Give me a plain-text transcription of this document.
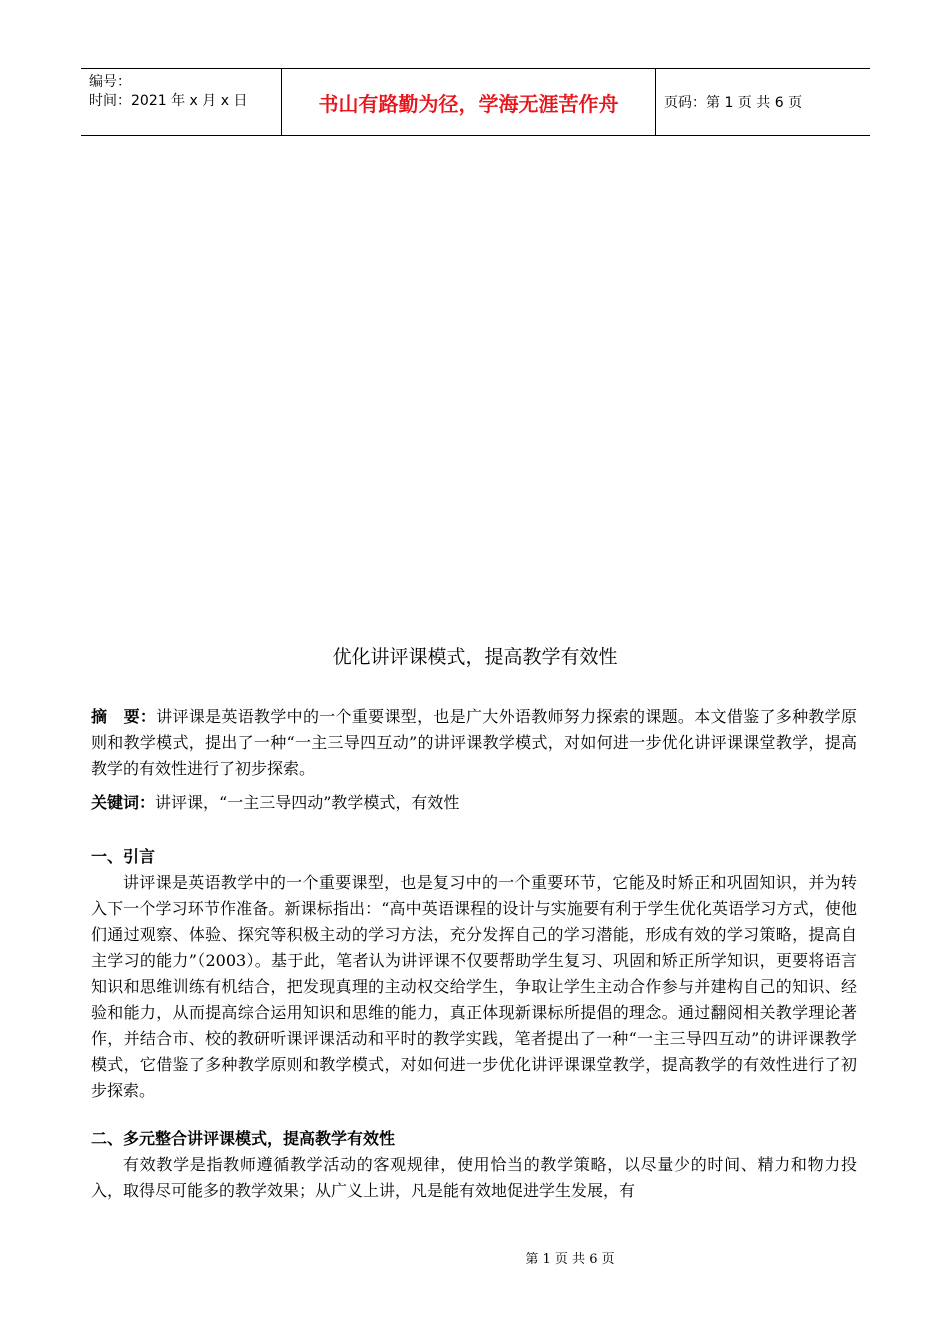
编号：
时间：2021 年 x 月 x 日	书山有路勤为径，学海无涯苦作舟	页码：第 1 页 共 6 页
优化讲评课模式，提高教学有效性

摘　要：讲评课是英语教学中的一个重要课型，也是广大外语教师努力探索的课题。本文借鉴了多种教学原则和教学模式，提出了一种“一主三导四互动”的讲评课教学模式，对如何进一步优化讲评课课堂教学，提高教学的有效性进行了初步探索。

关键词：讲评课，“一主三导四动”教学模式，有效性

一、引言

讲评课是英语教学中的一个重要课型，也是复习中的一个重要环节，它能及时矫正和巩固知识，并为转入下一个学习环节作准备。新课标指出：“高中英语课程的设计与实施要有利于学生优化英语学习方式，使他们通过观察、体验、探究等积极主动的学习方法，充分发挥自己的学习潜能，形成有效的学习策略，提高自主学习的能力”（2003）。基于此，笔者认为讲评课不仅要帮助学生复习、巩固和矫正所学知识，更要将语言知识和思维训练有机结合，把发现真理的主动权交给学生，争取让学生主动合作参与并建构自己的知识、经验和能力，从而提高综合运用知识和思维的能力，真正体现新课标所提倡的理念。通过翻阅相关教学理论著作，并结合市、校的教研听课评课活动和平时的教学实践，笔者提出了一种“一主三导四互动”的讲评课教学模式，它借鉴了多种教学原则和教学模式，对如何进一步优化讲评课课堂教学，提高教学的有效性进行了初步探索。

二、多元整合讲评课模式，提高教学有效性

有效教学是指教师遵循教学活动的客观规律，使用恰当的教学策略，以尽量少的时间、精力和物力投入，取得尽可能多的教学效果；从广义上讲，凡是能有效地促进学生发展，有

第 1 页 共 6 页
